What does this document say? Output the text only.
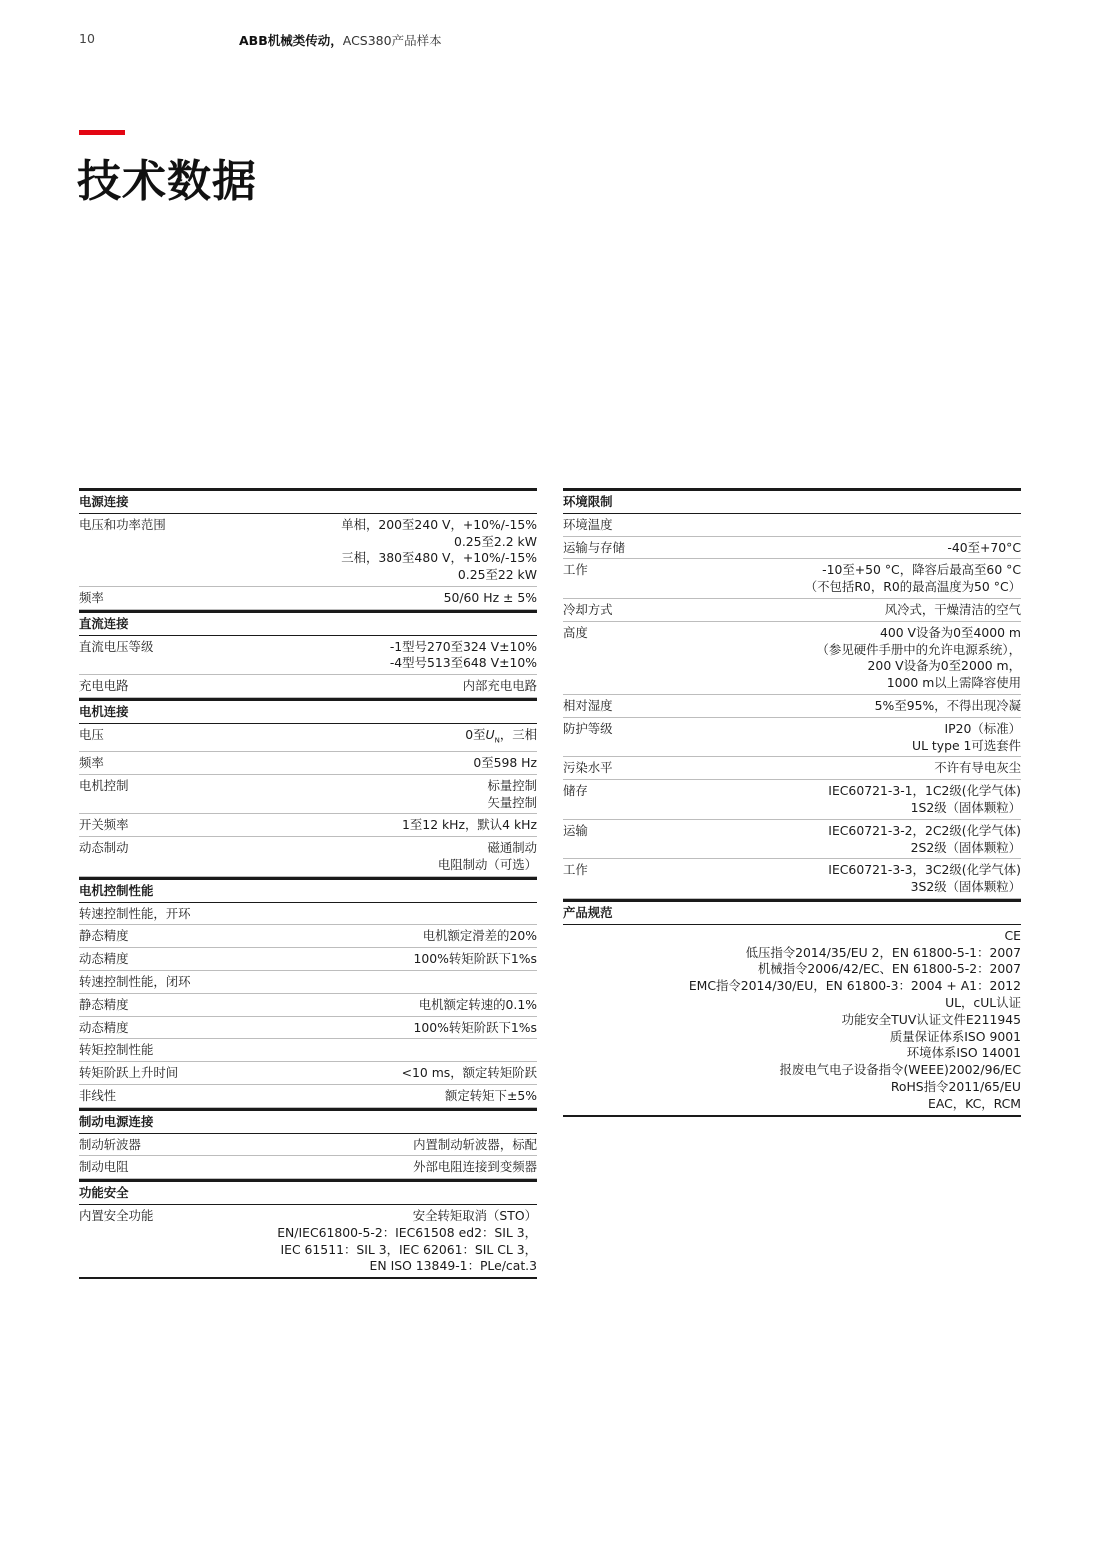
10	ABB机械类传动，ACS380产品样本
技术数据
电源连接
电压和功率范围	单相，200至240 V，+10%/-15%
0.25至2.2 kW
三相，380至480 V，+10%/-15%
0.25至22 kW
频率	50/60 Hz ± 5%
直流连接
直流电压等级	-1型号270至324 V±10%
-4型号513至648 V±10%
充电电路	内部充电电路
电机连接
电压	0至$U_N$，三相
频率	0至598 Hz
电机控制	标量控制
矢量控制
开关频率	1至12 kHz，默认4 kHz
动态制动	磁通制动
电阻制动（可选）
电机控制性能
转速控制性能，开环
静态精度	电机额定滑差的20%
动态精度	100%转矩阶跃下1%s
转速控制性能，闭环
静态精度	电机额定转速的0.1%
动态精度	100%转矩阶跃下1%s
转矩控制性能
转矩阶跃上升时间	<10 ms，额定转矩阶跃
非线性	额定转矩下±5%
制动电源连接
制动斩波器	内置制动斩波器，标配
制动电阻	外部电阻连接到变频器
功能安全
内置安全功能	安全转矩取消（STO）
EN/IEC61800-5-2：IEC61508 ed2：SIL 3，
IEC 61511：SIL 3，IEC 62061：SIL CL 3，
EN ISO 13849-1：PLe/cat.3
环境限制
环境温度
运输与存储	-40至+70°C
工作	-10至+50 °C，降容后最高至60 °C
（不包括R0，R0的最高温度为50 °C）
冷却方式	风冷式，干燥清洁的空气
高度	400 V设备为0至4000 m
（参见硬件手册中的允许电源系统），
200 V设备为0至2000 m，
1000 m以上需降容使用
相对湿度	5%至95%，不得出现冷凝
防护等级	IP20（标准）
UL type 1可选套件
污染水平	不许有导电灰尘
储存	IEC60721-3-1，1C2级(化学气体)
1S2级（固体颗粒）
运输	IEC60721-3-2，2C2级(化学气体)
2S2级（固体颗粒）
工作	IEC60721-3-3，3C2级(化学气体)
3S2级（固体颗粒）
产品规范
CE
低压指令2014/35/EU 2，EN 61800-5-1：2007
机械指令2006/42/EC、EN 61800-5-2：2007
EMC指令2014/30/EU，EN 61800-3：2004 + A1：2012
UL，cUL认证
功能安全TUV认证文件E211945
质量保证体系ISO 9001
环境体系ISO 14001
报废电气电子设备指令(WEEE)2002/96/EC
RoHS指令2011/65/EU
EAC，KC，RCM
